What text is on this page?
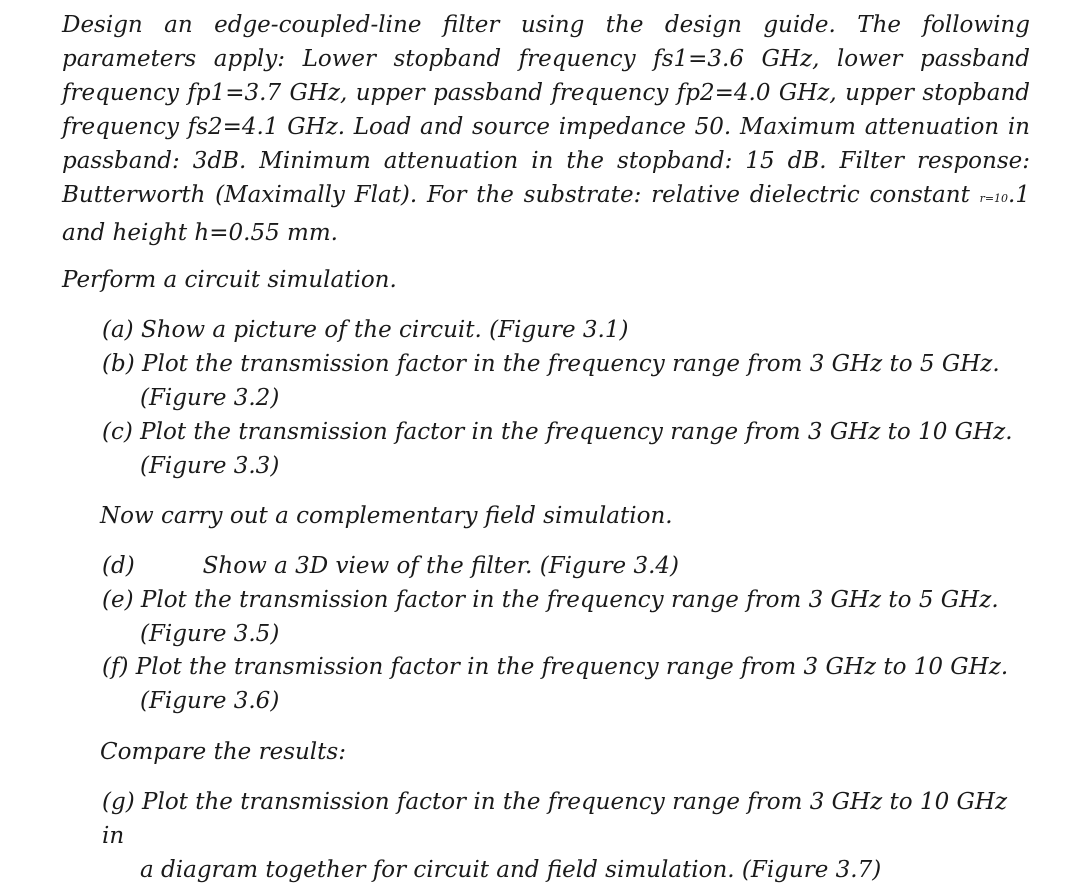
Design an edge-coupled-line filter using the design guide. The following parameters apply: Lower stopband frequency fs1=3.6 GHz, lower passband frequency fp1=3.7 GHz, upper passband frequency fp2=4.0 GHz, upper stopband frequency fs2=4.1 GHz. Load and source impedance 50. Maximum attenuation in passband: 3dB. Minimum attenuation in the stopband: 15 dB. Filter response: Butterworth (Maximally Flat). For the substrate: relative dielectric constant r=10.1 and height h=0.55 mm.

Perform a circuit simulation.

(a) Show a picture of the circuit. (Figure 3.1)

(b) Plot the transmission factor in the frequency range from 3 GHz to 5 GHz.
(Figure 3.2)

(c) Plot the transmission factor in the frequency range from 3 GHz to 10 GHz.
(Figure 3.3)

Now carry out a complementary field simulation.

(d)	Show a 3D view of the filter. (Figure 3.4)

(e) Plot the transmission factor in the frequency range from 3 GHz to 5 GHz.
(Figure 3.5)

(f) Plot the transmission factor in the frequency range from 3 GHz to 10 GHz.
(Figure 3.6)

Compare the results:

(g) Plot the transmission factor in the frequency range from 3 GHz to 10 GHz in
a diagram together for circuit and field simulation. (Figure 3.7)
